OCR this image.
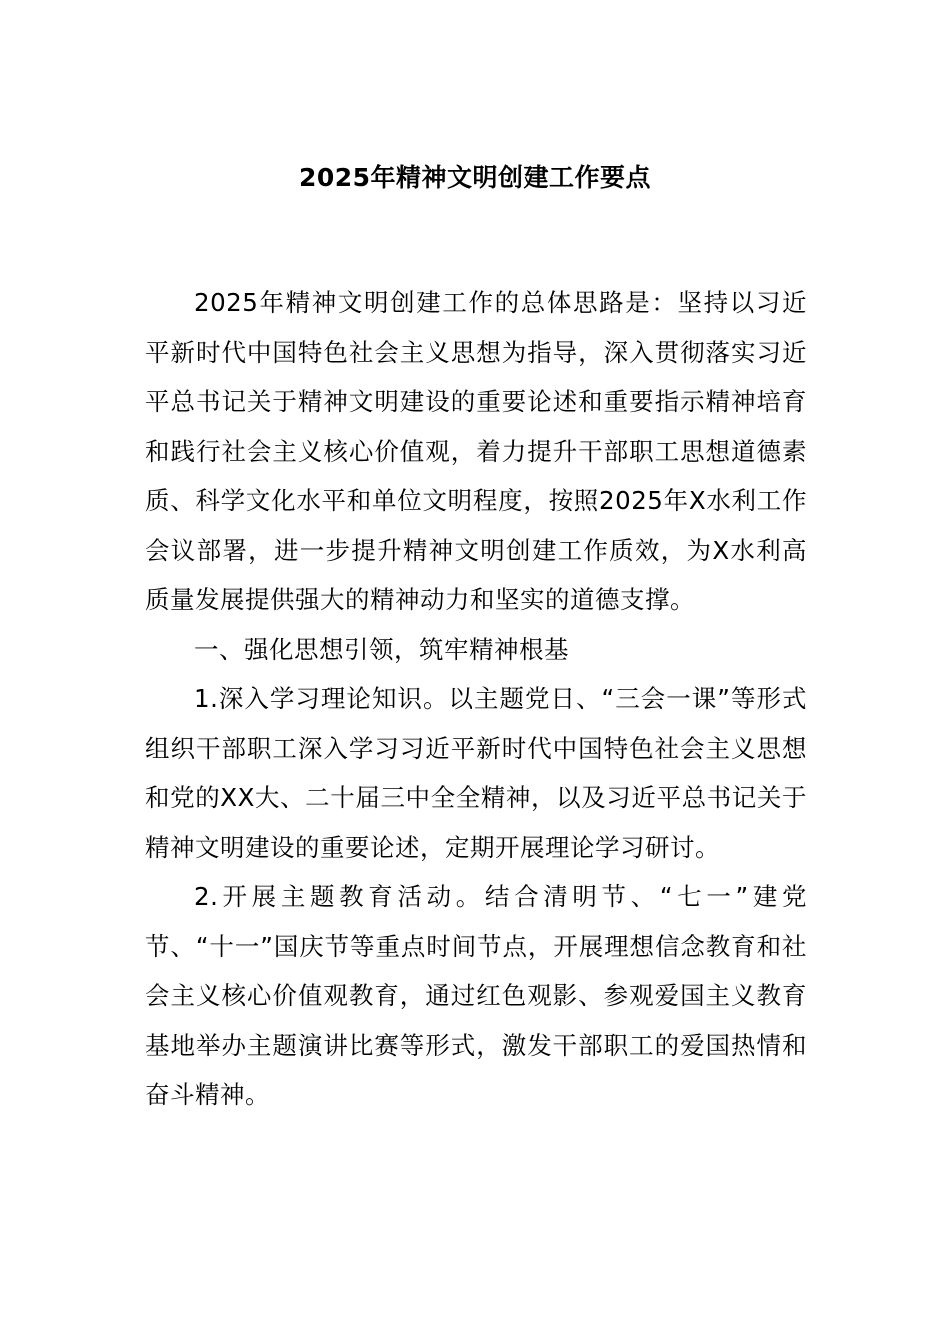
2025年精神文明创建工作要点

2025年精神文明创建工作的总体思路是：坚持以习近平新时代中国特色社会主义思想为指导，深入贯彻落实习近平总书记关于精神文明建设的重要论述和重要指示精神培育和践行社会主义核心价值观，着力提升干部职工思想道德素质、科学文化水平和单位文明程度，按照2025年X水利工作会议部署，进一步提升精神文明创建工作质效，为X水利高质量发展提供强大的精神动力和坚实的道德支撑。

一、强化思想引领，筑牢精神根基

1.深入学习理论知识。以主题党日、“三会一课”等形式组织干部职工深入学习习近平新时代中国特色社会主义思想和党的XX大、二十届三中全全精神，以及习近平总书记关于精神文明建设的重要论述，定期开展理论学习研讨。

2.开展主题教育活动。结合清明节、“七一”建党节、“十一”国庆节等重点时间节点，开展理想信念教育和社会主义核心价值观教育，通过红色观影、参观爱国主义教育基地举办主题演讲比赛等形式，激发干部职工的爱国热情和奋斗精神。
